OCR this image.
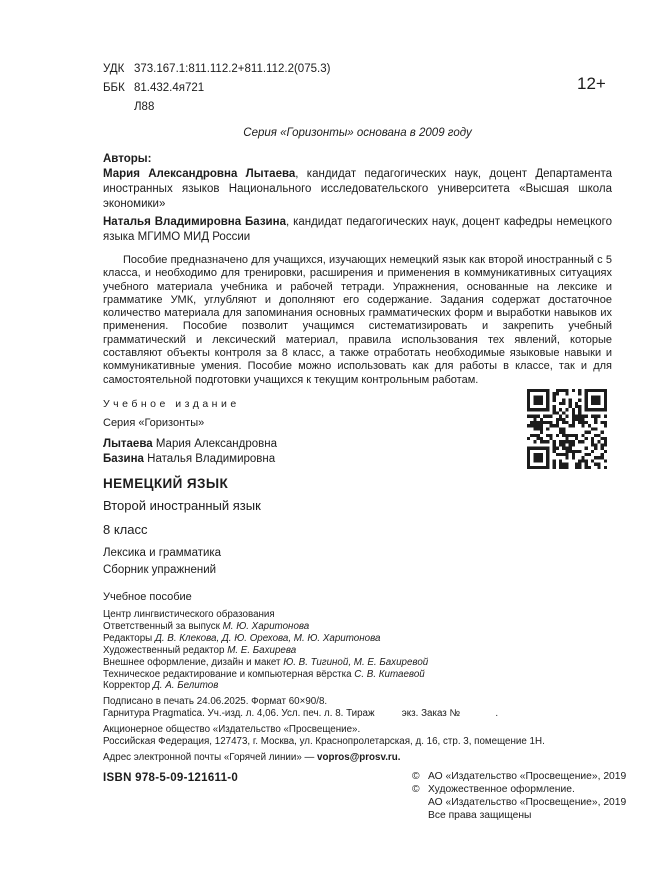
12+
УДК 373.167.1:811.112.2+811.112.2(075.3)
ББК 81.432.4я721
Л88
Серия «Горизонты» основана в 2009 году
Авторы:

Мария Александровна Лытаева, кандидат педагогических наук, доцент Департамента иностранных языков Национального исследовательского университета «Высшая школа экономики»

Наталья Владимировна Базина, кандидат педагогических наук, доцент кафедры немецкого языка МГИМО МИД России

Пособие предназначено для учащихся, изучающих немецкий язык как второй иностранный с 5 класса, и необходимо для тренировки, расширения и применения в коммуникативных ситуациях учебного материала учебника и рабочей тетради. Упражнения, основанные на лексике и грамматике УМК, углубляют и дополняют его содержание. Задания содержат достаточное количество материала для запоминания основных грамматических форм и выработки навыков их применения. Пособие позволит учащимся систематизировать и закрепить учебный грамматический и лексический материал, правила использования тех явлений, которые составляют объекты контроля за 8 класс, а также отработать необходимые языковые навыки и коммуникативные умения. Пособие можно использовать как для работы в классе, так и для самостоятельной подготовки учащихся к текущим контрольным работам.
Учебное издание
Серия «Горизонты»
Лытаева Мария Александровна
Базина Наталья Владимировна
НЕМЕЦКИЙ ЯЗЫК
Второй иностранный язык
8 класс
Лексика и грамматика
Сборник упражнений
Учебное пособие
Центр лингвистического образования
Ответственный за выпуск М. Ю. Харитонова
Редакторы Д. В. Клекова, Д. Ю. Орехова, М. Ю. Харитонова
Художественный редактор М. Е. Бахирева
Внешнее оформление, дизайн и макет Ю. В. Тигиной, М. Е. Бахиревой
Техническое редактирование и компьютерная вёрстка С. В. Китаевой
Корректор Д. А. Белитов
Подписано в печать 24.06.2025. Формат 60×90/8.
Гарнитура Pragmatica. Уч.-изд. л. 4,06. Усл. печ. л. 8. Тираж          экз. Заказ №             .
Акционерное общество «Издательство «Просвещение».
Российская Федерация, 127473, г. Москва, ул. Краснопролетарская, д. 16, стр. 3, помещение 1Н.
Адрес электронной почты «Горячей линии» — vopros@prosv.ru.
ISBN 978-5-09-121611-0	© АО «Издательство «Просвещение», 2019
© Художественное оформление.
АО «Издательство «Просвещение», 2019
Все права защищены
